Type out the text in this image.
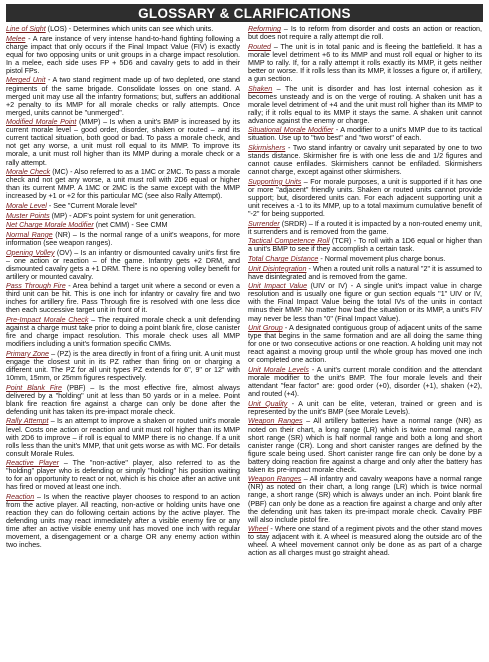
GLOSSARY & CLARIFICATIONS

Line of Sight (LOS) - Determines which units can see which units.

Melee - A rare instance of very intense hand-to-hand fighting following a charge impact that only occurs if the Final Impact Value (FIV) is exactly equal for two opposing units or unit groups in a charge impact resolution. In a melee, each side uses FP + 5D6 and cavalry gets to add in their pistol FPs.

Merged Unit - A two stand regiment made up of two depleted, one stand regiments of the same brigade. Consolidate losses on one stand. A merged unit may use all the infantry formations; but, suffers an additional +2 penalty to its MMP for all morale checks or rally attempts. Once merged, units cannot be "unmerged".

Modified Morale Point (MMP) – Is when a unit's BMP is increased by its current morale level – good order, disorder, shaken or routed – and its current tactical situation, both good or bad. To pass a morale check, and not get any worse, a unit must roll equal to its MMP. To improve its morale, a unit must roll higher than its MMP during a morale check or a rally attempt.

Morale Check (MC) - Also referred to as a 1MC or 2MC. To pass a morale check and not get any worse, a unit must roll with 2D6 equal or higher than its current MMP. A 1MC or 2MC is the same except with the MMP increased by +1 or +2 for this particular MC (see also Rally Attempt).

Morale Level - See "Current Morale level"

Muster Points (MP) - ADF's point system for unit generation.

Net Charge Morale Modifier (net CMM) - See CMM

Normal Range (NR) – Is the normal range of a unit's weapons, for more information (see weapon ranges).

Opening Volley (OV) – Is an infantry or dismounted cavalry unit's first fire – one action or reaction – of the game. Infantry gets +2 DRM, and dismounted cavalry gets a +1 DRM. There is no opening volley benefit for artillery or mounted cavalry.

Pass Through Fire - Area behind a target unit where a second or even a third unit can be hit. This is one inch for infantry or cavalry fire and two inches for artillery fire. Pass Through fire is resolved with one less dice then each successive target unit in front of it.

Pre-Impact Morale Check – The required morale check a unit defending against a charge must take prior to doing a point blank fire, close canister fire and charge impact resolution. This morale check uses all MMP modifiers including a unit's formation specific CMMs.

Primary Zone – (PZ) is the area directly in front of a firing unit. A unit must engage the closest unit in its PZ rather than firing on or charging a different unit. The PZ for all unit types PZ extends for 6", 9" or 12" with 10mm, 15mm, or 25mm figures respectively.

Point Blank Fire (PBF) – Is the most effective fire, almost always delivered by a "holding" unit at less than 50 yards or in a melee. Point blank fire reaction fire against a charge can only be done after the defending unit has taken its pre-impact morale check.

Rally Attempt – Is an attempt to improve a shaken or routed unit's morale level. Costs one action or reaction and unit must roll higher than its MMP with 2D6 to improve – if roll is equal to MMP there is no change. If a unit rolls less than the unit's MMP, that unit gets worse as with MC. For details consult Morale Rules.

Reactive Player – The "non-active" player, also referred to as the "holding" player who is defending or simply "holding" his position waiting to for an opportunity to react or not, which is his choice after an active unit has fired or moved at least one inch.

Reaction – Is when the reactive player chooses to respond to an action from the active player. All reacting, non-active or holding units have one reaction they can do following certain actions by the active player. The defending units may react immediately after a visible enemy fire or any time after an active visible enemy unit has moved one inch with regular movement, a disengagement or a charge OR any enemy action within two inches.

Reforming – Is to reform from disorder and costs an action or reaction, but does not require a rally attempt die roll.

Routed – The unit is in total panic and is fleeing the battlefield. It has a morale level detriment +6 to its MMP and must roll equal or higher to its MMP to rally. If, for a rally attempt it rolls exactly its MMP, it gets neither better or worse. If it rolls less than its MMP, it losses a figure or, if artillery, a gun section.

Shaken – The unit is disorder and has lost internal cohesion as it becomes unsteady and is on the verge of routing. A shaken unit has a morale level detriment of +4 and the unit must roll higher than its MMP to rally; if it rolls equal to its MMP it stays the same. A shaken unit cannot advance against the enemy or charge.

Situational Morale Modifier - A modifier to a unit's MMP due to its tactical situation. Use up to "two best" and "two worst" of each.

Skirmishers - Two stand infantry or cavalry unit separated by one to two stands distance. Skirmisher fire is with one less die and 1/2 figures and cannot cause enfilades. Skirmishers cannot be enfiladed. Skirmishers cannot charge, except against other skirmishers.

Supporting Units – For morale purposes, a unit is supported if it has one or more "adjacent" friendly units. Shaken or routed units cannot provide support; but, disordered units can. For each adjacent supporting unit a unit receives a -1 to its MMP, up to a total maximum cumulative benefit of "-2" for being supported.

Surrender (SRDR) – If a routed it is impacted by a non-routed enemy unit, it surrenders and is removed from the game.

Tactical Competence Roll (TCR) - To roll with a 1D6 equal or higher than a unit's BMP to see if they accomplish a certain task.

Total Charge Distance - Normal movement plus charge bonus.

Unit Disintegration - When a routed unit rolls a natural "2" it is assumed to have disintegrated and is removed from the game.

Unit Impact Value (UIV or IV) - A single unit's impact value in charge resolution and is usually one figure or gun section equals "1" UIV or IV, with the Final Impact Value being the total IVs of the units in contact minus their MMP. No matter how bad the situation or its MMP, a unit's FIV may never be less than "0" (Final Impact Value).

Unit Group - A designated contiguous group of adjacent units of the same type that begins in the same formation and are all doing the same thing for one or two consecutive actions or one reaction. A holding unit may not react against a moving group until the whole group has moved one inch or completed one action.

Unit Morale Levels - A unit's current morale condition and the attendant morale modifier to the unit's BMP. The four morale levels and their attendant "fear factor" are: good order (+0), disorder (+1), shaken (+2), and routed (+4).

Unit Quality - A unit can be elite, veteran, trained or green and is represented by the unit's BMP (see Morale Levels).

Weapon Ranges – All artillery batteries have a normal range (NR) as noted on their chart, a long range (LR) which is twice normal range, a short range (SR) which is half normal range and both a long and short canister range (CR). Long and short canister ranges are defined by the figure scale being used. Short canister range fire can only be done by a battery doing reaction fire against a charge and only after the battery has taken its pre-impact morale check.

Weapon Ranges – All infantry and cavalry weapons have a normal range (NR) as noted on their chart, a long range (LR) which is twice normal range, a short range (SR) which is always under an inch. Point blank fire (PBF) can only be done as a reaction fire against a charge and only after the defending unit has taken its pre-impact morale check. Cavalry PBF will also include pistol fire.

Wheel - Where one stand of a regiment pivots and the other stand moves to stay adjacent with it. A wheel is measured along the outside arc of the wheel. A wheel movement cannot only be done as as part of a charge action as all charges must go straight ahead.
